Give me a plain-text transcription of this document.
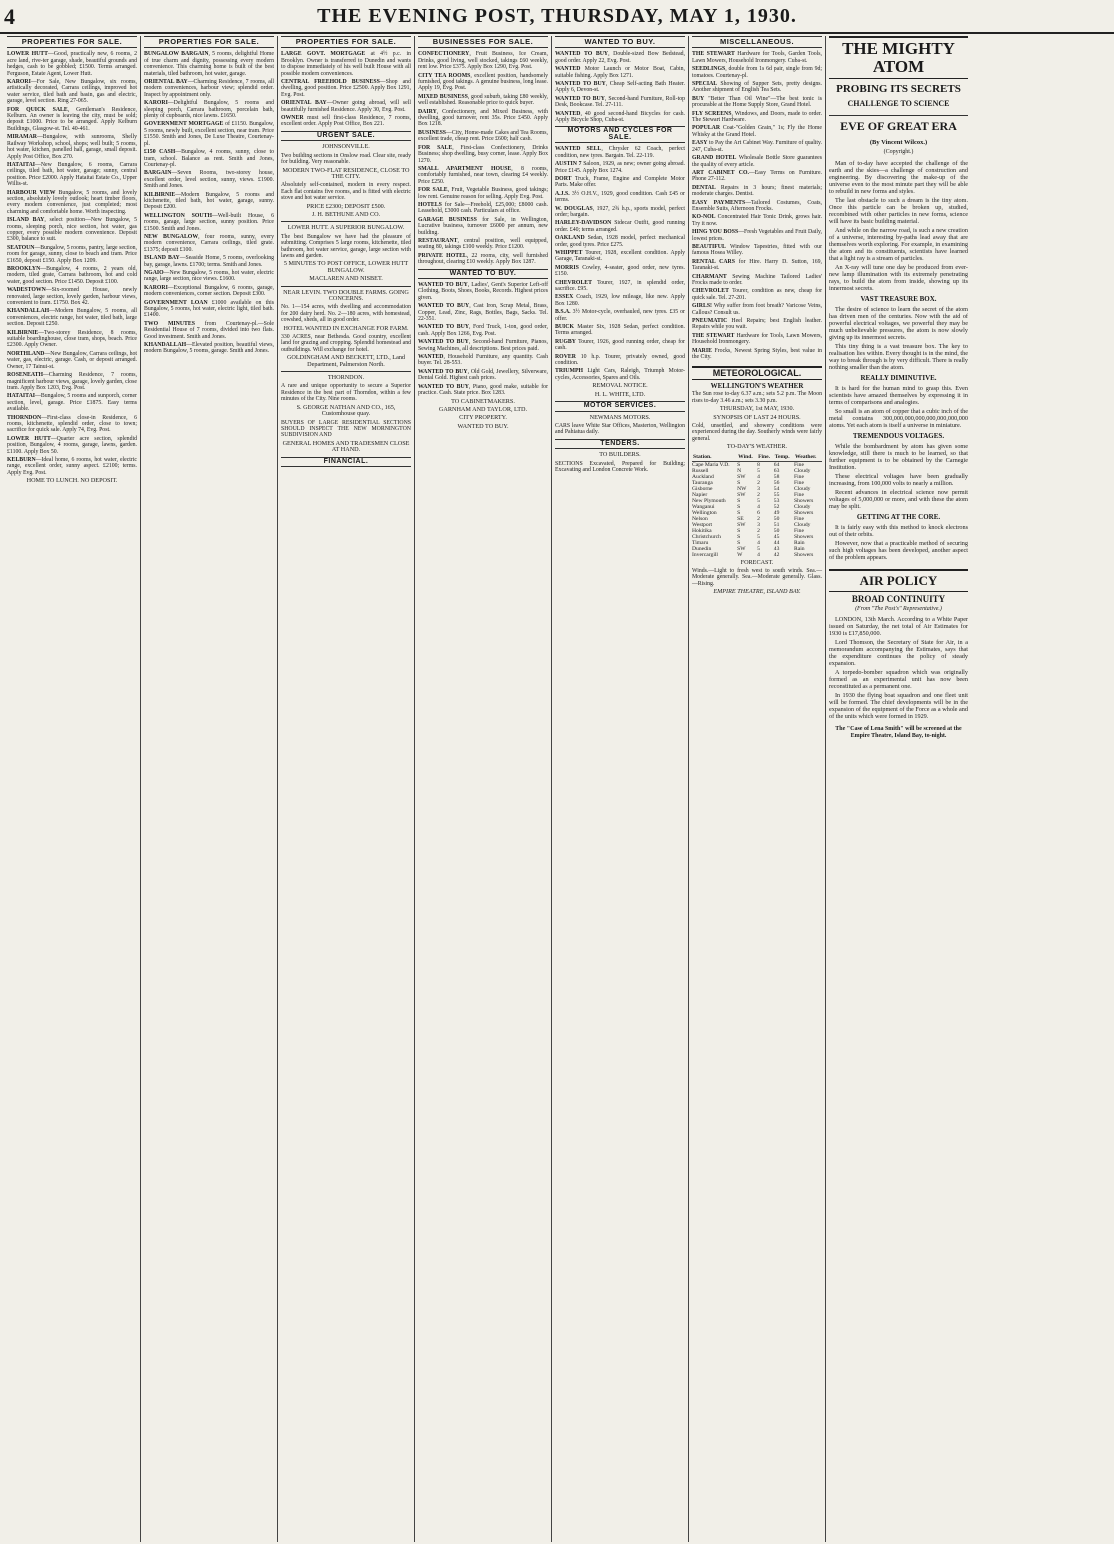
4	THE EVENING POST, THURSDAY, MAY 1, 1930.
PROPERTIES FOR SALE.
LOWER HUTT—Good, practically new, 6 rooms, 2 acre land, rive-ter garage, shade, beautiful grounds and hedges, cash to be gobbled; £1500. Terms arranged. Ferguson, Estate Agent, Lower Hutt.
KARORI—For Sale, New Bungalow, six rooms, artistically decorated, Carrara ceilings, improved hot water service, tiled bath and basin, gas and electric, garage, level section. Ring 27-065.
FOR QUICK SALE, Gentleman's Residence, Kelburn. An owner is leaving the city, must be sold; deposit £1000. Price to be arranged. Apply Kelburn Buildings, Glasgow-st. Tel. 40-461.
MIRAMAR—Bungalow, with sunrooms, Shelly Railway Workshop, school, shops; well built; 5 rooms, hot water, kitchen, panelled hall, garage, small deposit. Apply Post Office, Box 270.
HATAITAI—New Bungalow, 6 rooms, Carrara ceilings, tiled bath, hot water, garage; sunny, central position. Price £2000. Apply Hataitai Estate Co., Upper Willis-st.
HARBOUR VIEW Bungalow, 5 rooms, and lovely section, absolutely lovely outlook; heart timber floors, every modern convenience, just completed; most charming and comfortable home. Worth inspecting.
ISLAND BAY, select position—New Bungalow, 5 rooms, sleeping porch, nice section, hot water, gas copper, every possible modern convenience. Deposit £300, balance to suit.
SEATOUN—Bungalow, 5 rooms, pantry, large section, room for garage, sunny, close to beach and tram. Price £1650, deposit £150. Apply Box 1209.
BROOKLYN—Bungalow, 4 rooms, 2 years old, modern, tiled grate, Carrara bathroom, hot and cold water, good section. Price £1450. Deposit £100.
WADESTOWN—Six-roomed House, newly renovated, large section, lovely garden, harbour views, convenient to tram. £1750. Box 42.
KHANDALLAH—Modern Bungalow, 5 rooms, all conveniences, electric range, hot water, tiled bath, large section. Deposit £250.
KILBIRNIE—Two-storey Residence, 8 rooms, suitable boardinghouse, close tram, shops, beach. Price £2300. Apply Owner.
NORTHLAND—New Bungalow, Carrara ceilings, hot water, gas, electric, garage. Cash, or deposit arranged. Owner, 17 Tainui-st.
ROSENEATH—Charming Residence, 7 rooms, magnificent harbour views, garage, lovely garden, close tram. Apply Box 1203, Evg. Post.
HATAITAI—Bungalow, 5 rooms and sunporch, corner section, level, garage. Price £1875. Easy terms available.
THORNDON—First-class close-in Residence, 6 rooms, kitchenette, splendid order, close to town; sacrifice for quick sale. Apply 74, Evg. Post.
LOWER HUTT—Quarter acre section, splendid position, Bungalow, 4 rooms, garage, lawns, garden. £1100. Apply Box 50.
KELBURN—Ideal home, 6 rooms, hot water, electric range, excellent order, sunny aspect. £2100; terms. Apply Evg. Post.
HOME TO LUNCH. NO DEPOSIT.
PROPERTIES FOR SALE.
BUNGALOW BARGAIN, 5 rooms, delightful Home of true charm and dignity, possessing every modern convenience. This charming home is built of the best materials, tiled bathroom, hot water, garage.
ORIENTAL BAY—Charming Residence, 7 rooms, all modern conveniences, harbour view; splendid order. Inspect by appointment only.
KARORI—Delightful Bungalow, 5 rooms and sleeping porch, Carrara bathroom, porcelain bath, plenty of cupboards, nice lawns. £1650.
GOVERNMENT MORTGAGE of £1150. Bungalow, 5 rooms, newly built, excellent section, near tram. Price £1550. Smith and Jones, De Luxe Theatre, Courtenay-pl.
£150 CASH—Bungalow, 4 rooms, sunny, close to tram, school. Balance as rent. Smith and Jones, Courtenay-pl.
BARGAIN—Seven Rooms, two-storey house, excellent order, level section, sunny, views. £1900. Smith and Jones.
KILBIRNIE—Modern Bungalow, 5 rooms and kitchenette, tiled bath, hot water, garage, sunny. Deposit £200.
WELLINGTON SOUTH—Well-built House, 6 rooms, garage, large section, sunny position. Price £1500. Smith and Jones.
NEW BUNGALOW, four rooms, sunny, every modern convenience, Carrara ceilings, tiled grate. £1375; deposit £100.
ISLAND BAY—Seaside Home, 5 rooms, overlooking bay, garage, lawns. £1700; terms. Smith and Jones.
NGAIO—New Bungalow, 5 rooms, hot water, electric range, large section, nice views. £1600.
KARORI—Exceptional Bungalow, 6 rooms, garage, modern conveniences, corner section. Deposit £300.
GOVERNMENT LOAN £1000 available on this Bungalow, 5 rooms, hot water, electric light, tiled bath. £1400.
TWO MINUTES from Courtenay-pl.—Sole Residential House of 7 rooms, divided into two flats. Good investment. Smith and Jones.
KHANDALLAH—Elevated position, beautiful views, modern Bungalow, 5 rooms, garage. Smith and Jones.
PROPERTIES FOR SALE.
LARGE GOVT. MORTGAGE at 4½ p.c. in Brooklyn. Owner is transferred to Dunedin and wants to dispose immediately of his well built House with all possible modern conveniences.
CENTRAL FREEHOLD BUSINESS—Shop and dwelling, good position. Price £2500. Apply Box 1291, Evg. Post.
ORIENTAL BAY—Owner going abroad, will sell beautifully furnished Residence. Apply 30, Evg. Post.
OWNER must sell first-class Residence, 7 rooms, excellent order. Apply Post Office, Box 221.
URGENT SALE.
JOHNSONVILLE.
Two building sections in Onslow road. Clear site, ready for building. Very reasonable.
MODERN TWO-FLAT RESIDENCE, CLOSE TO THE CITY.
Absolutely self-contained, modern in every respect. Each flat contains five rooms, and is fitted with electric stove and hot water service.
PRICE £2300; DEPOSIT £500.
J. H. BETHUNE AND CO.
LOWER HUTT. A SUPERIOR BUNGALOW.
The best Bungalow we have had the pleasure of submitting. Comprises 5 large rooms, kitchenette, tiled bathroom, hot water service, garage, large section with lawns and garden.
5 MINUTES TO POST OFFICE, LOWER HUTT BUNGALOW.
MACLAREN AND NISBET.
NEAR LEVIN. TWO DOUBLE FARMS. GOING CONCERNS.
No. 1—154 acres, with dwelling and accommodation for 200 dairy herd. No. 2—180 acres, with homestead, cowshed, sheds, all in good order.
HOTEL WANTED IN EXCHANGE FOR FARM.
330 ACRES, near Bethesda. Good country, excellent land for grazing and cropping. Splendid homestead and outbuildings. Will exchange for hotel.
GOLDINGHAM AND BECKETT, LTD., Land Department, Palmerston North.
THORNDON.
A rare and unique opportunity to secure a Superior Residence in the best part of Thorndon, within a few minutes of the City. Nine rooms.
S. GEORGE NATHAN AND CO., 165, Customhouse quay.
BUYERS OF LARGE RESIDENTIAL SECTIONS SHOULD INSPECT THE NEW MORNINGTON SUBDIVISION AND
GENERAL HOMES AND TRADESMEN CLOSE AT HAND.
FINANCIAL.
BUSINESSES FOR SALE.
CONFECTIONERY, Fruit Business, Ice Cream, Drinks, good living, well stocked, takings £60 weekly, rent low. Price £375. Apply Box 1290, Evg. Post.
CITY TEA ROOMS, excellent position, handsomely furnished, good takings. A genuine business, long lease. Apply 19, Evg. Post.
MIXED BUSINESS, good suburb, taking £80 weekly, well established. Reasonable price to quick buyer.
DAIRY, Confectionery, and Mixed Business, with dwelling, good turnover, rent 35s. Price £450. Apply Box 1218.
BUSINESS—City, Home-made Cakes and Tea Rooms, excellent trade, cheap rent. Price £600; half cash.
FOR SALE, First-class Confectionery, Drinks Business; shop dwelling, busy corner, lease. Apply Box 1270.
SMALL APARTMENT HOUSE, 8 rooms, comfortably furnished, near town, clearing £4 weekly. Price £250.
FOR SALE, Fruit, Vegetable Business, good takings; low rent. Genuine reason for selling. Apply Evg. Post.
HOTELS for Sale—Freehold, £25,000; £8000 cash. Leasehold, £3000 cash. Particulars at office.
GARAGE BUSINESS for Sale, in Wellington, Lucrative business, turnover £6000 per annum, new building.
RESTAURANT, central position, well equipped, seating 80, takings £100 weekly. Price £1200.
PRIVATE HOTEL, 22 rooms, city, well furnished throughout, clearing £10 weekly. Apply Box 1287.
WANTED TO BUY.
WANTED TO BUY, Ladies', Gent's Superior Left-off Clothing, Boots, Shoes, Books, Records. Highest prices given.
WANTED TO BUY, Cast Iron, Scrap Metal, Brass, Copper, Lead, Zinc, Rags, Bottles, Bags, Sacks. Tel. 22-351.
WANTED TO BUY, Ford Truck, 1-ton, good order, cash. Apply Box 1266, Evg. Post.
WANTED TO BUY, Second-hand Furniture, Pianos, Sewing Machines, all descriptions. Best prices paid.
WANTED, Household Furniture, any quantity. Cash buyer. Tel. 28-553.
WANTED TO BUY, Old Gold, Jewellery, Silverware, Dental Gold. Highest cash prices.
WANTED TO BUY, Piano, good make, suitable for practice. Cash. State price. Box 1283.
TO CABINETMAKERS.
GARNHAM AND TAYLOR, LTD.
CITY PROPERTY.
WANTED TO BUY.
WANTED TO BUY.
WANTED TO BUY, Double-sized Bow Bedstead, good order. Apply 22, Evg. Post.
WANTED Motor Launch or Motor Boat, Cabin, suitable fishing. Apply Box 1271.
WANTED TO BUY, Cheap Self-acting Bath Heater. Apply 6, Devon-st.
WANTED TO BUY, Second-hand Furniture, Roll-top Desk, Bookcase. Tel. 27-111.
WANTED, 40 good second-hand Bicycles for cash. Apply Bicycle Shop, Cuba-st.
MOTORS AND CYCLES FOR SALE.
WANTED SELL, Chrysler 62 Coach, perfect condition, new tyres. Bargain. Tel. 22-119.
AUSTIN 7 Saloon, 1929, as new; owner going abroad. Price £145. Apply Box 1274.
DORT Truck, Frame, Engine and Complete Motor Parts. Make offer.
A.J.S. 3½ O.H.V., 1929, good condition. Cash £45 or terms.
W. DOUGLAS, 1927, 2¾ h.p., sports model, perfect order; bargain.
HARLEY-DAVIDSON Sidecar Outfit, good running order. £40; terms arranged.
OAKLAND Sedan, 1928 model, perfect mechanical order, good tyres. Price £275.
WHIPPET Tourer, 1928, excellent condition. Apply Garage, Taranaki-st.
MORRIS Cowley, 4-seater, good order, new tyres. £150.
CHEVROLET Tourer, 1927, in splendid order, sacrifice. £95.
ESSEX Coach, 1929, low mileage, like new. Apply Box 1280.
B.S.A. 3½ Motor-cycle, overhauled, new tyres. £35 or offer.
BUICK Master Six, 1928 Sedan, perfect condition. Terms arranged.
RUGBY Tourer, 1926, good running order, cheap for cash.
ROVER 10 h.p. Tourer, privately owned, good condition.
TRIUMPH Light Cars, Raleigh, Triumph Motor-cycles, Accessories, Spares and Oils.
REMOVAL NOTICE.
H. L. WHITE, LTD.
MOTOR SERVICES.
NEWMANS MOTORS.
CARS leave White Star Offices, Masterton, Wellington and Pahiatua daily.
TENDERS.
TO BUILDERS.
SECTIONS Excavated, Prepared for Building; Excavating and London Concrete Work.
MISCELLANEOUS.
THE STEWART Hardware for Tools, Garden Tools, Lawn Mowers, Household Ironmongery. Cuba-st.
SEEDLINGS, double from 1s 6d pair, single from 9d; tomatoes. Courtenay-pl.
SPECIAL Showing of Supper Sets, pretty designs. Another shipment of English Tea Sets.
BUY "Better Than Oil Wine"—The best tonic is procurable at the Home Supply Store, Grand Hotel.
FLY SCREENS, Windows, and Doors, made to order. The Stewart Hardware.
POPULAR Coat-"Golden Grain," 1s; Fly the Home Whisky at the Grand Hotel.
EASY to Pay the Art Cabinet Way. Furniture of quality. 247, Cuba-st.
GRAND HOTEL Wholesale Bottle Store guarantees the quality of every article.
ART CABINET CO.—Easy Terms on Furniture. Phone 27-112.
DENTAL Repairs in 3 hours; finest materials; moderate charges. Dentist.
EASY PAYMENTS—Tailored Costumes, Coats, Ensemble Suits, Afternoon Frocks.
KO-NOL Concentrated Hair Tonic Drink, grows hair. Try it now.
HING YOU BOSS—Fresh Vegetables and Fruit Daily, lowest prices.
BEAUTIFUL Window Tapestries, fitted with our famous Hosea Willey.
RENTAL CARS for Hire. Harry D. Sutton, 169, Taranaki-st.
CHARMANT Sewing Machine Tailored Ladies' Frocks made to order.
CHEVROLET Tourer, condition as new, cheap for quick sale. Tel. 27-201.
GIRLS! Why suffer from foot breath? Varicose Veins, Callous? Consult us.
PNEUMATIC Heel Repairs; best English leather. Repairs while you wait.
THE STEWART Hardware for Tools, Lawn Mowers, Household Ironmongery.
MARIE Frocks, Newest Spring Styles, best value in the City.
METEOROLOGICAL.
WELLINGTON'S WEATHER
The Sun rose to-day 6.37 a.m.; sets 5.2 p.m. The Moon rises to-day 3.46 a.m.; sets 3.30 p.m.
THURSDAY, 1st MAY, 1930.
SYNOPSIS OF LAST 24 HOURS.
Cold, unsettled, and showery conditions were experienced during the day. Southerly winds were fairly general.
TO-DAY'S WEATHER.
Station.	Wind.	Fine.	Temp.	Weather.
Cape Maria V.D.	S	8	64	Fine
Russell	N	5	63	Cloudy
Auckland	SW	4	58	Fine
Tauranga	S	2	56	Fine
Gisborne	NW	3	54	Cloudy
Napier	SW	2	55	Fine
New Plymouth	S	5	53	Showers
Wanganui	S	4	52	Cloudy
Wellington	S	6	49	Showers
Nelson	SE	2	50	Fine
Westport	SW	3	51	Cloudy
Hokitika	S	2	50	Fine
Christchurch	S	5	45	Showers
Timaru	S	4	44	Rain
Dunedin	SW	5	43	Rain
Invercargill	W	4	42	Showers
FORECAST.
Winds.—Light to fresh west to south winds. Sea.—Moderate generally. Sea.—Moderate generally. Glass.—Rising.
EMPIRE THEATRE, ISLAND BAY.
THE MIGHTY ATOM
PROBING ITS SECRETS
CHALLENGE TO SCIENCE
EVE OF GREAT ERA
(By Vincent Wilcox.)
(Copyright.)
Man of to-day have accepted the challenge of the earth and the skies—a challenge of construction and engineering. By discovering the make-up of the universe even to the most minute part they will be able to rebuild in new forms and styles.
The last obstacle to such a dream is the tiny atom. Once this particle can be broken up, studied, recombined with other particles in new forms, science will have its basic building material.
And while on the narrow road, is such a new creation of a universe, interesting by-paths lead away that are themselves worth exploring. For example, in examining the atom and its constituents, scientists have learned that a light ray is a stream of particles.
An X-ray will tune one day be produced from ever-new lamp illumination with its extremely penetrating rays, to build the atom from inside, showing up its innermost secrets.
VAST TREASURE BOX.
The desire of science to learn the secret of the atom has driven men of the centuries. Now with the aid of powerful electrical voltages, we powerful they may be much unbelievable pressures, the atom is now slowly giving up its innermost secrets.
This tiny thing is a vast treasure box. The key to realisation lies within. Every thought is in the mind, the way to break through is by very difficult. There is really nothing smaller than the atom.
REALLY DIMINUTIVE.
It is hard for the human mind to grasp this. Even scientists have amazed themselves by expressing it in terms of comparisons and analogies.
So small is an atom of copper that a cubic inch of the metal contains 300,000,000,000,000,000,000,000 atoms. Yet each atom is itself a universe in miniature.
TREMENDOUS VOLTAGES.
While the bombardment by atom has given some knowledge, still there is much to be learned, so that further equipment is to be obtained by the Carnegie Institution.
These electrical voltages have been gradually increasing, from 100,000 volts to nearly a million.
Recent advances in electrical science now permit voltages of 5,000,000 or more, and with these the atom may be split.
GETTING AT THE CORE.
It is fairly easy with this method to knock electrons out of their orbits.
However, now that a practicable method of securing such high voltages has been developed, another aspect of the problem appears.
AIR POLICY
BROAD CONTINUITY
(From "The Post's" Representative.)
LONDON, 13th March. According to a White Paper issued on Saturday, the net total of Air Estimates for 1930 is £17,850,000.
Lord Thomson, the Secretary of State for Air, in a memorandum accompanying the Estimates, says that the expenditure continues the policy of steady expansion.
A torpedo-bomber squadron which was originally formed as an experimental unit has now been reconstituted as a permanent one.
In 1930 the flying boat squadron and one fleet unit will be formed. The chief developments will be in the expansion of the equipment of the Force as a whole and of the units which were formed in 1929.
The "Case of Lena Smith" will be screened at the Empire Theatre, Island Bay, to-night.
